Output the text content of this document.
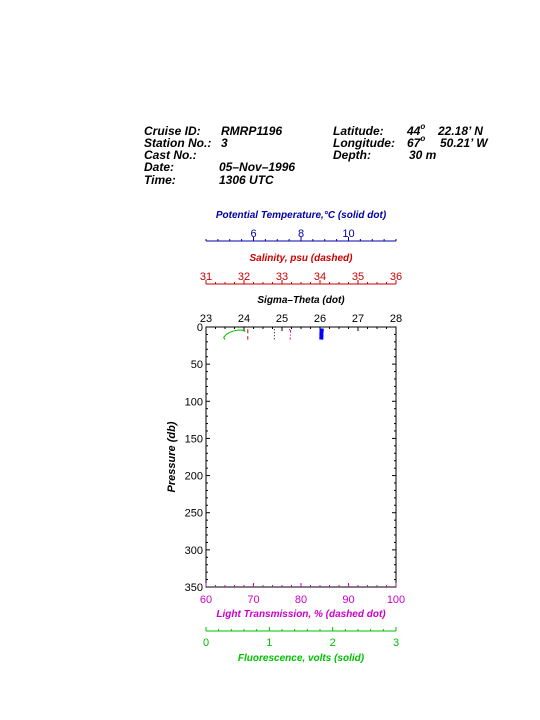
6	8	10
Potential Temperature,°C (solid dot)
31 32 33 34 35 36
Salinity, psu (dashed)
23 24 25 26 27 28
Sigma–Theta (dot)
60	70	80	90	100
Light Transmission, % (dashed dot)
0	1	2	3
Fluorescence, volts (solid)
0
50
100
150
200
250
300
350
Pressure (db)
Cruise ID: RMRP1196
Station No.: 3
Cast No.:
Date:	05–Nov–1996
Time:	1306 UTC
Latitude: 44$^o$ 22.18’ N
Longitude: 67$^o$ 50.21’ W
Depth:	30 m
